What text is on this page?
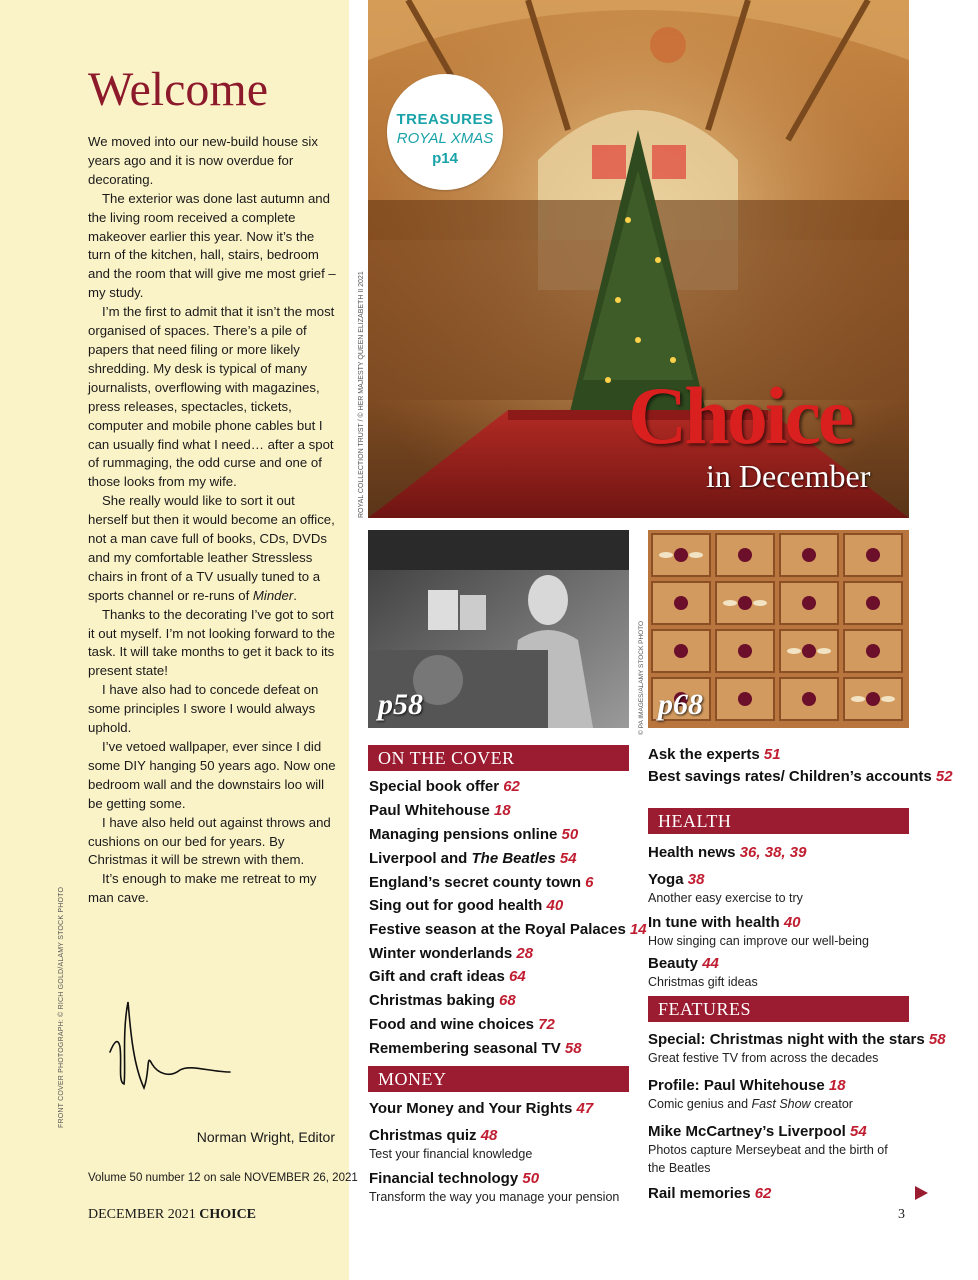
Welcome

We moved into our new-build house six years ago and it is now overdue for decorating.

The exterior was done last autumn and the living room received a complete makeover earlier this year. Now it’s the turn of the kitchen, hall, stairs, bedroom and the room that will give me most grief – my study.

I’m the first to admit that it isn’t the most organised of spaces. There’s a pile of papers that need filing or more likely shredding. My desk is typical of many journalists, overflowing with magazines, press releases, spectacles, tickets, computer and mobile phone cables but I can usually find what I need… after a spot of rummaging, the odd curse and one of those looks from my wife.

She really would like to sort it out herself but then it would become an office, not a man cave full of books, CDs, DVDs and my comfortable leather Stressless chairs in front of a TV usually tuned to a sports channel or re-runs of Minder.

Thanks to the decorating I’ve got to sort it out myself. I’m not looking forward to the task. It will take months to get it back to its present state!

I have also had to concede defeat on some principles I swore I would always uphold.

I’ve vetoed wallpaper, ever since I did some DIY hanging 50 years ago. Now one bedroom wall and the downstairs loo will be getting some.

I have also held out against throws and cushions on our bed for years. By Christmas it will be strewn with them.

It’s enough to make me retreat to my man cave.

FRONT COVER PHOTOGRAPH: © RICH GOLD/ALAMY STOCK PHOTO
Norman Wright, Editor
Volume 50 number 12 on sale NOVEMBER 26, 2021
DECEMBER 2021 CHOICE	3
ROYAL COLLECTION TRUST / © HER MAJESTY QUEEN ELIZABETH II 2021
TREASURES
ROYAL XMAS
p14
Choice
in December
p58	p68
© PA IMAGES/ALAMY STOCK PHOTO
ON THE COVER
Special book offer 62
Paul Whitehouse 18
Managing pensions online 50
Liverpool and The Beatles 54
England’s secret county town 6
Sing out for good health 40
Festive season at the Royal Palaces 14
Winter wonderlands 28
Gift and craft ideas 64
Christmas baking 68
Food and wine choices 72
Remembering seasonal TV 58
MONEY
Your Money and Your Rights 47
Christmas quiz 48
Test your financial knowledge
Financial technology 50
Transform the way you manage your pension
Ask the experts 51
Best savings rates/ Children’s accounts 52
HEALTH
Health news 36, 38, 39
Yoga 38
Another easy exercise to try
In tune with health 40
How singing can improve our well-being
Beauty 44
Christmas gift ideas
FEATURES
Special: Christmas night with the stars 58
Great festive TV from across the decades
Profile: Paul Whitehouse 18
Comic genius and Fast Show creator
Mike McCartney’s Liverpool 54
Photos capture Merseybeat and the birth of
the Beatles
Rail memories 62
